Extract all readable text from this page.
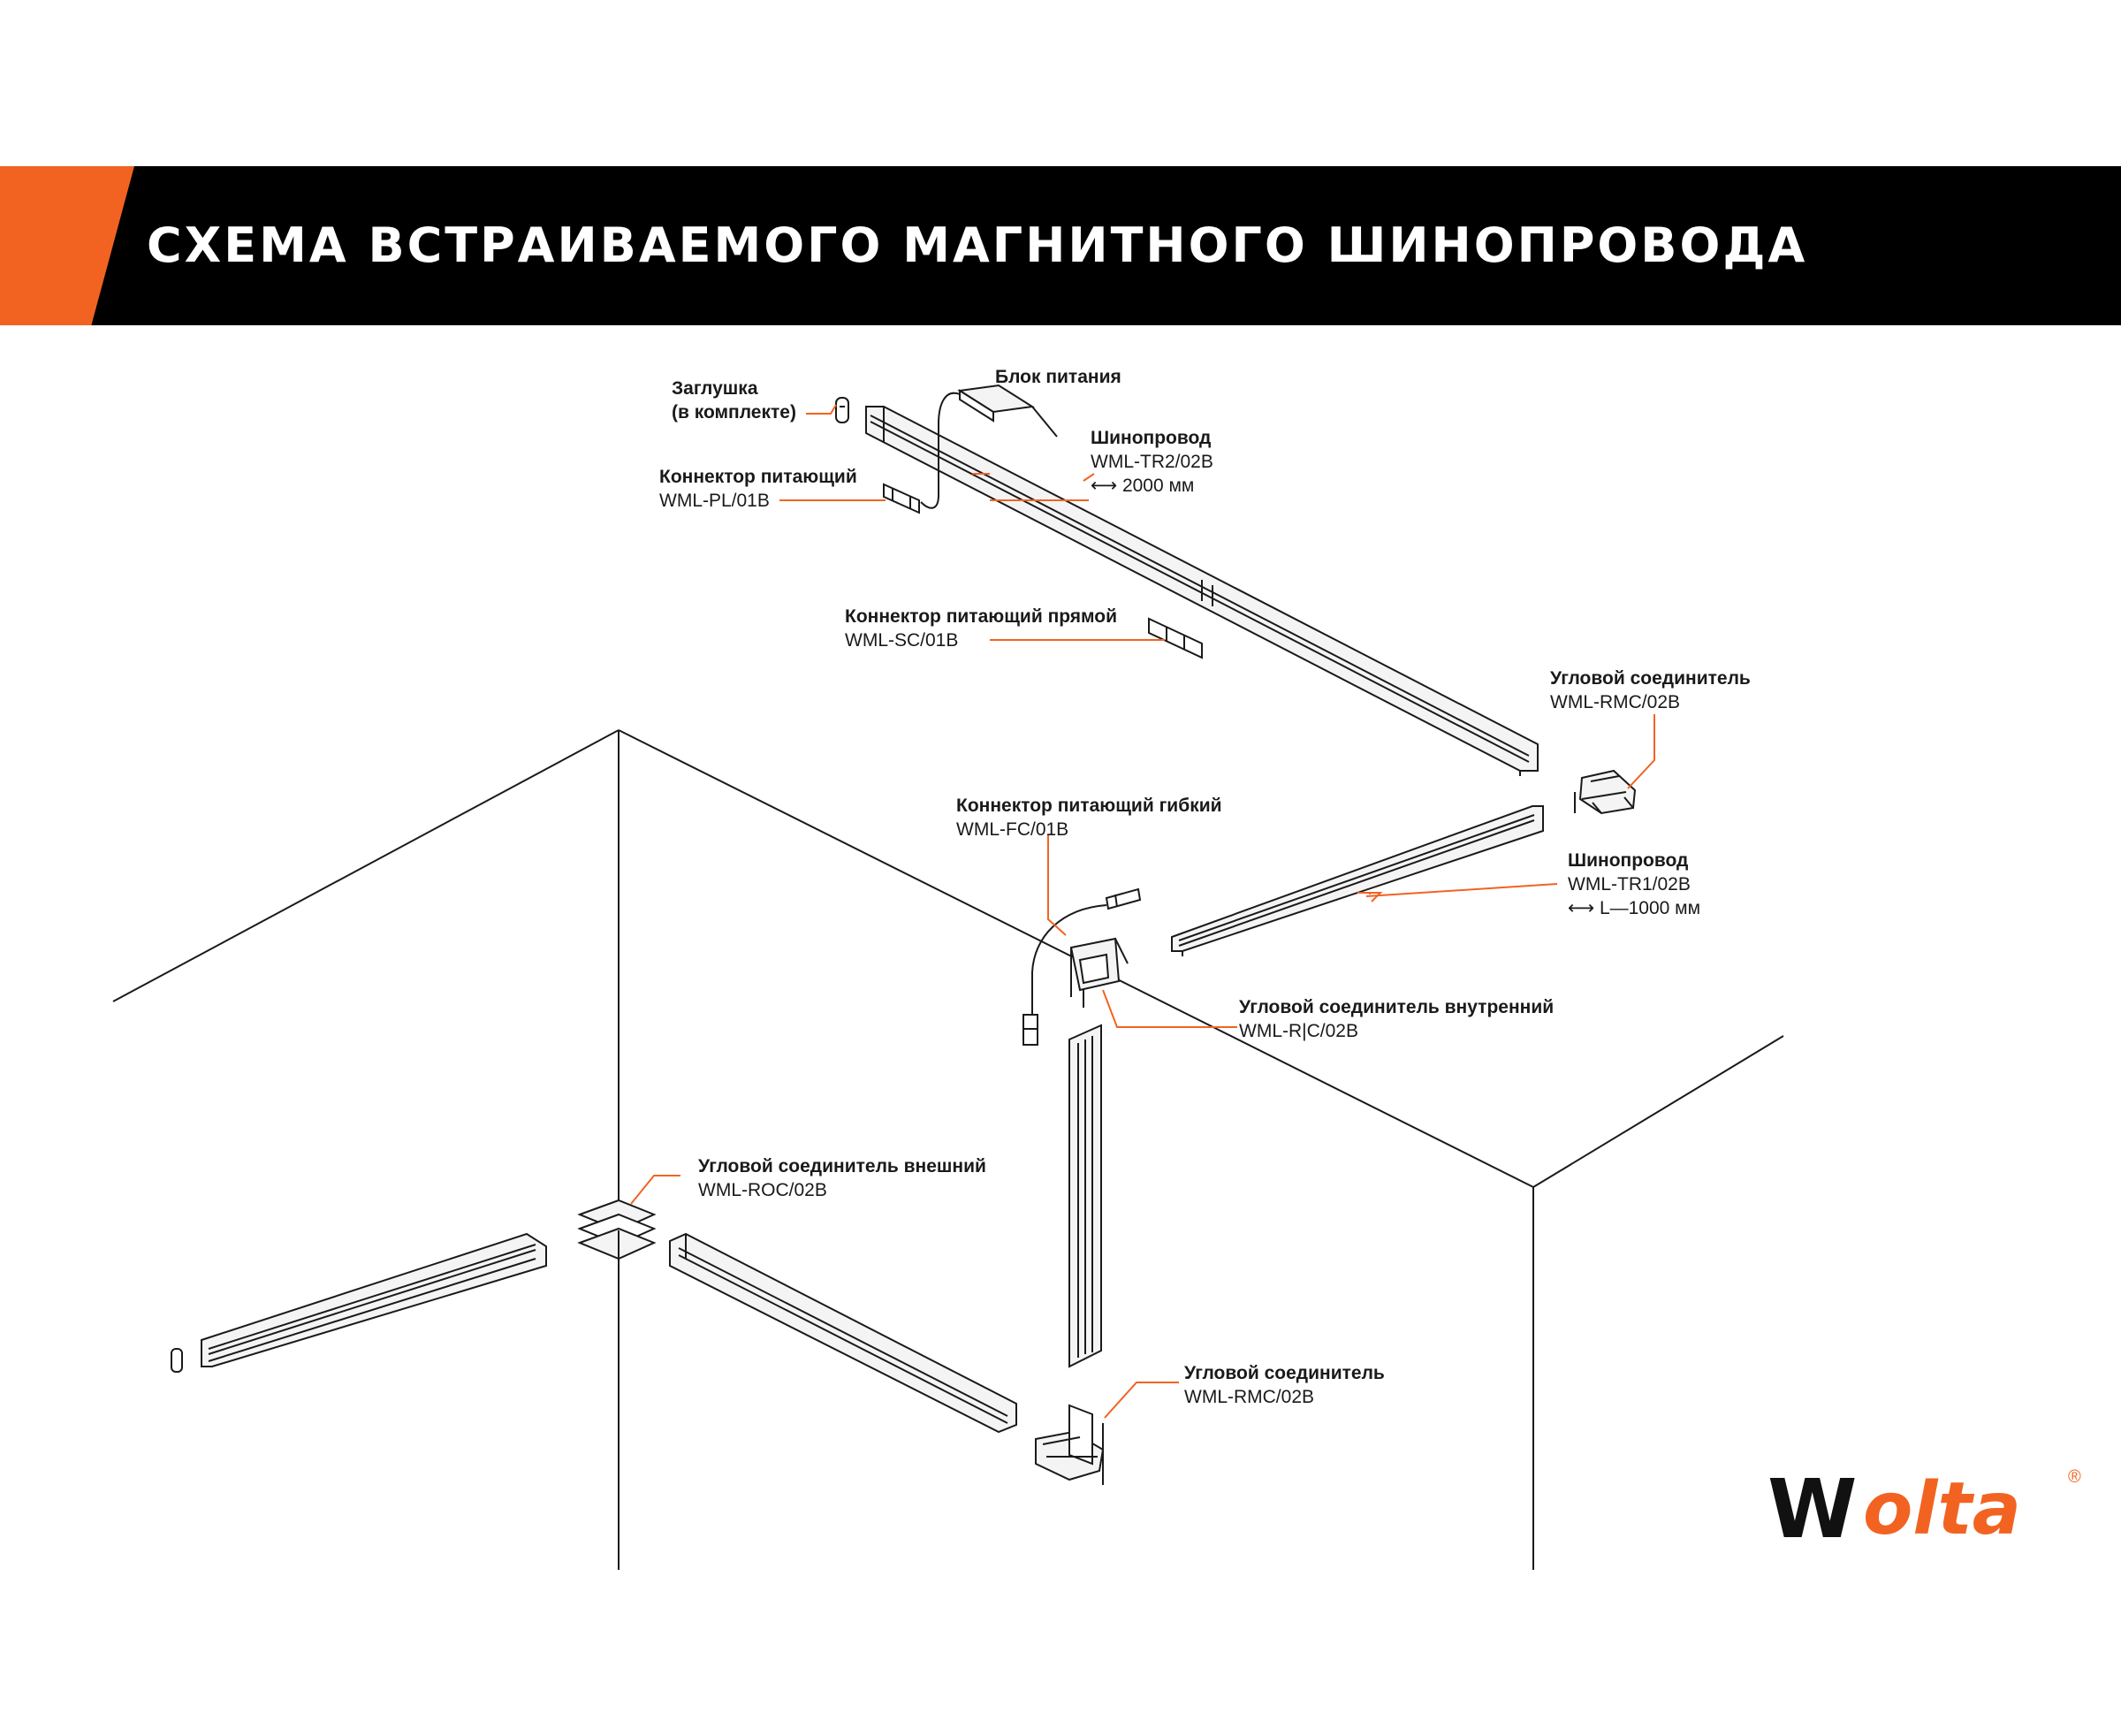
СХЕМА ВСТРАИВАЕМОГО МАГНИТНОГО ШИНОПРОВОДА
Заглушка
(в комплекте)
Блок питания
Шинопровод
WML-TR2/02B
⟷ 2000 мм
Коннектор питающий
WML-PL/01B
Коннектор питающий прямой
WML-SC/01B
Угловой соединитель
WML-RMC/02B
Коннектор питающий гибкий
WML-FC/01B
Шинопровод
WML-TR1/02B
⟷ L—1000 мм
Угловой соединитель внутренний
WML-R|C/02B
Угловой соединитель внешний
WML-ROC/02B
Угловой соединитель
WML-RMC/02B
W olta	®
